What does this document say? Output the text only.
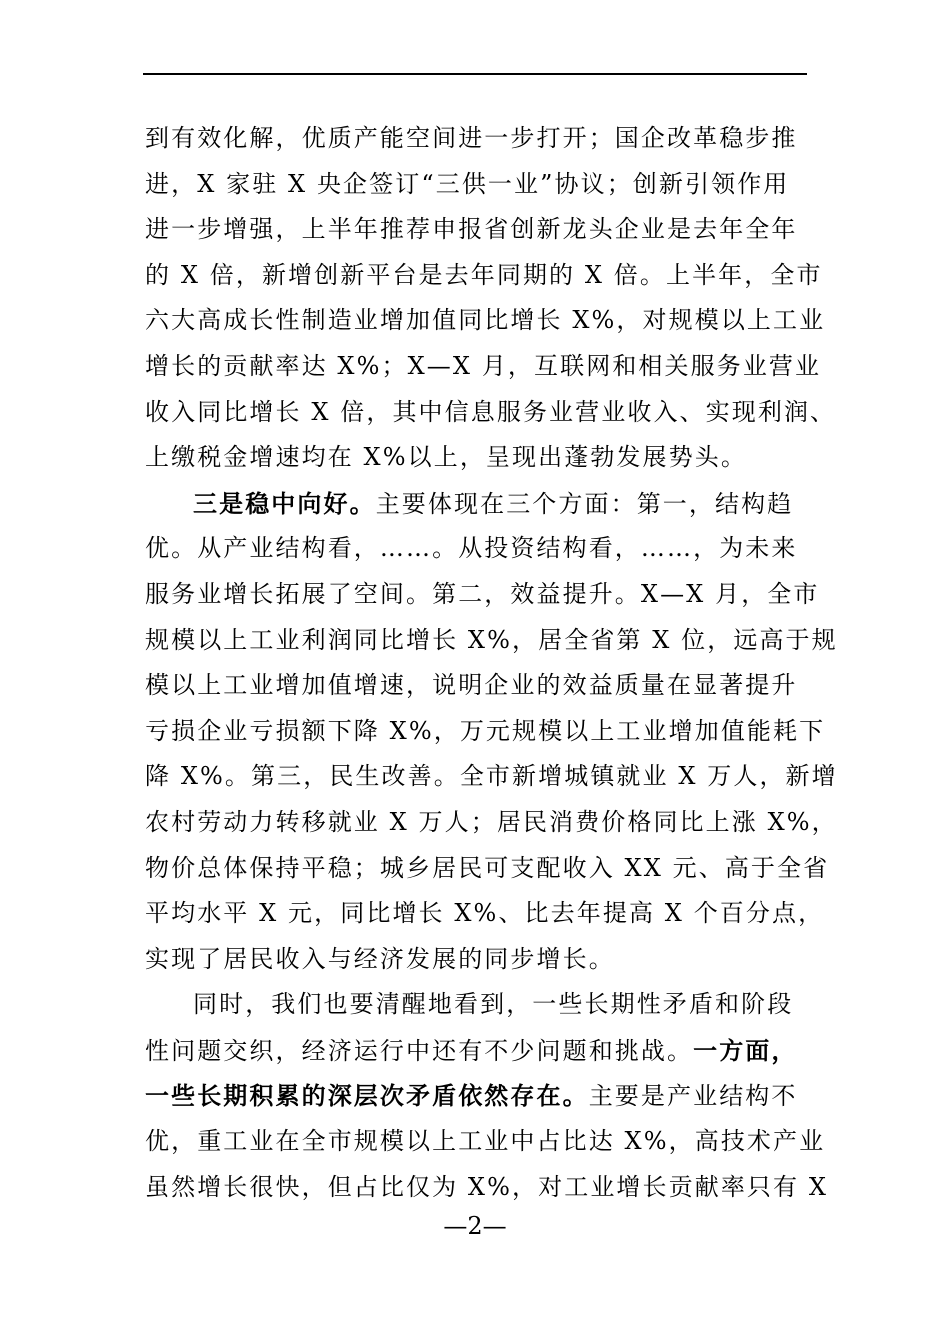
到有效化解，优质产能空间进一步打开；国企改革稳步推
进，X 家驻 X 央企签订“三供一业”协议；创新引领作用
进一步增强，上半年推荐申报省创新龙头企业是去年全年
的 X 倍，新增创新平台是去年同期的 X 倍。上半年，全市
六大高成长性制造业增加值同比增长 X%，对规模以上工业
增长的贡献率达 X%；X—X 月，互联网和相关服务业营业
收入同比增长 X 倍，其中信息服务业营业收入、实现利润、
上缴税金增速均在 X%以上，呈现出蓬勃发展势头。
三是稳中向好。主要体现在三个方面：第一，结构趋
优。从产业结构看，……。从投资结构看，……，为未来
服务业增长拓展了空间。第二，效益提升。X—X 月，全市
规模以上工业利润同比增长 X%，居全省第 X 位，远高于规
模以上工业增加值增速，说明企业的效益质量在显著提升
亏损企业亏损额下降 X%，万元规模以上工业增加值能耗下
降 X%。第三，民生改善。全市新增城镇就业 X 万人，新增
农村劳动力转移就业 X 万人；居民消费价格同比上涨 X%，
物价总体保持平稳；城乡居民可支配收入 XX 元、高于全省
平均水平 X 元，同比增长 X%、比去年提高 X 个百分点，
实现了居民收入与经济发展的同步增长。
同时，我们也要清醒地看到，一些长期性矛盾和阶段
性问题交织，经济运行中还有不少问题和挑战。一方面，
一些长期积累的深层次矛盾依然存在。主要是产业结构不
优，重工业在全市规模以上工业中占比达 X%，高技术产业
虽然增长很快，但占比仅为 X%，对工业增长贡献率只有 X
—2—
